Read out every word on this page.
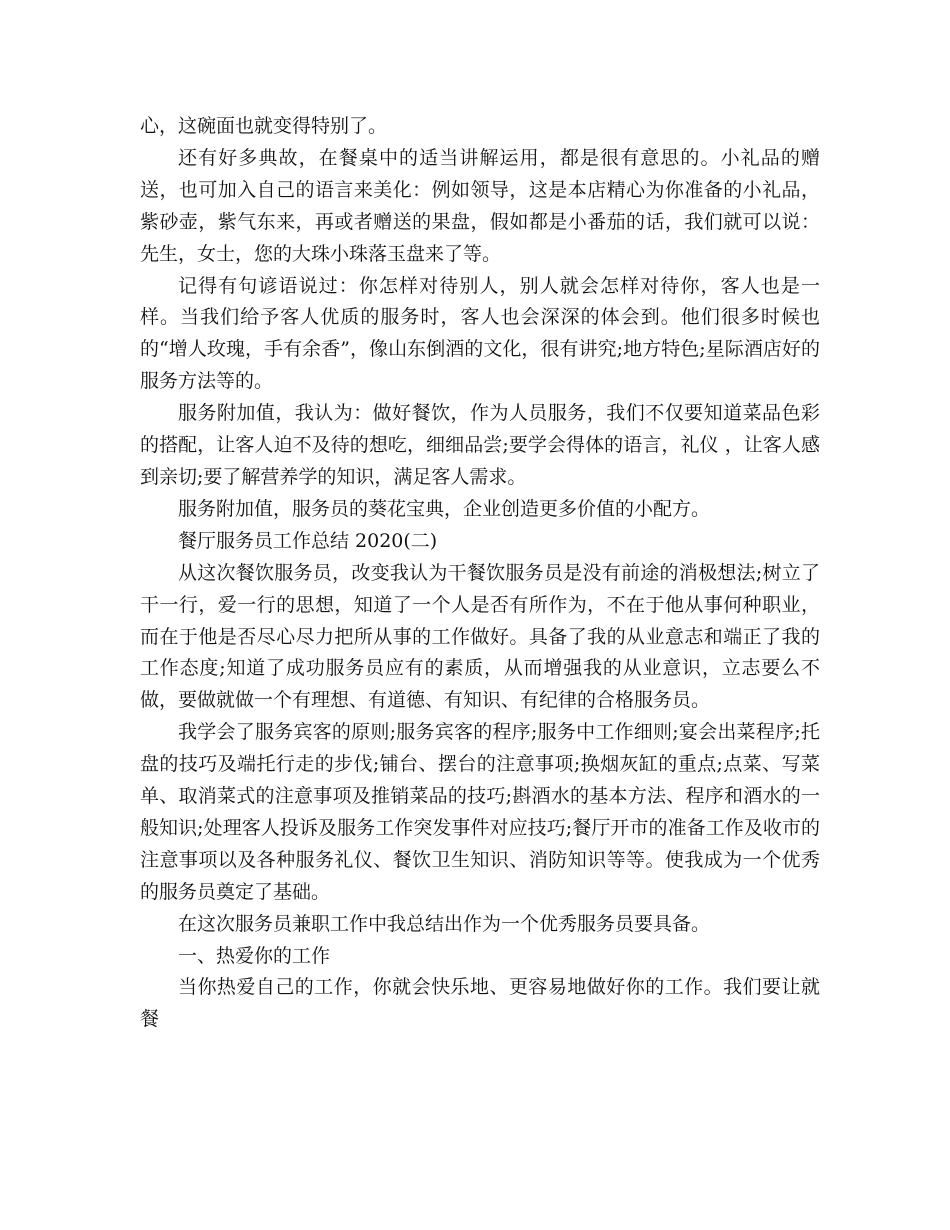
心，这碗面也就变得特别了。

还有好多典故，在餐桌中的适当讲解运用，都是很有意思的。小礼品的赠送，也可加入自己的语言来美化：例如领导，这是本店精心为你准备的小礼品，紫砂壶，紫气东来，再或者赠送的果盘，假如都是小番茄的话，我们就可以说：先生，女士，您的大珠小珠落玉盘来了等。

记得有句谚语说过：你怎样对待别人，别人就会怎样对待你，客人也是一样。当我们给予客人优质的服务时，客人也会深深的体会到。他们很多时候也的“增人玫瑰，手有余香”，像山东倒酒的文化，很有讲究;地方特色;星际酒店好的服务方法等的。

服务附加值，我认为：做好餐饮，作为人员服务，我们不仅要知道菜品色彩的搭配，让客人迫不及待的想吃，细细品尝;要学会得体的语言，礼仪 ，让客人感到亲切;要了解营养学的知识，满足客人需求。

服务附加值，服务员的葵花宝典，企业创造更多价值的小配方。

餐厅服务员工作总结 2020(二)

从这次餐饮服务员，改变我认为干餐饮服务员是没有前途的消极想法;树立了干一行，爱一行的思想，知道了一个人是否有所作为，不在于他从事何种职业，而在于他是否尽心尽力把所从事的工作做好。具备了我的从业意志和端正了我的工作态度;知道了成功服务员应有的素质，从而增强我的从业意识，立志要么不做，要做就做一个有理想、有道德、有知识、有纪律的合格服务员。

我学会了服务宾客的原则;服务宾客的程序;服务中工作细则;宴会出菜程序;托盘的技巧及端托行走的步伐;铺台、摆台的注意事项;换烟灰缸的重点;点菜、写菜单、取消菜式的注意事项及推销菜品的技巧;斟酒水的基本方法、程序和酒水的一般知识;处理客人投诉及服务工作突发事件对应技巧;餐厅开市的准备工作及收市的注意事项以及各种服务礼仪、餐饮卫生知识、消防知识等等。使我成为一个优秀的服务员奠定了基础。

在这次服务员兼职工作中我总结出作为一个优秀服务员要具备。

一、热爱你的工作

当你热爱自己的工作，你就会快乐地、更容易地做好你的工作。我们要让就餐
